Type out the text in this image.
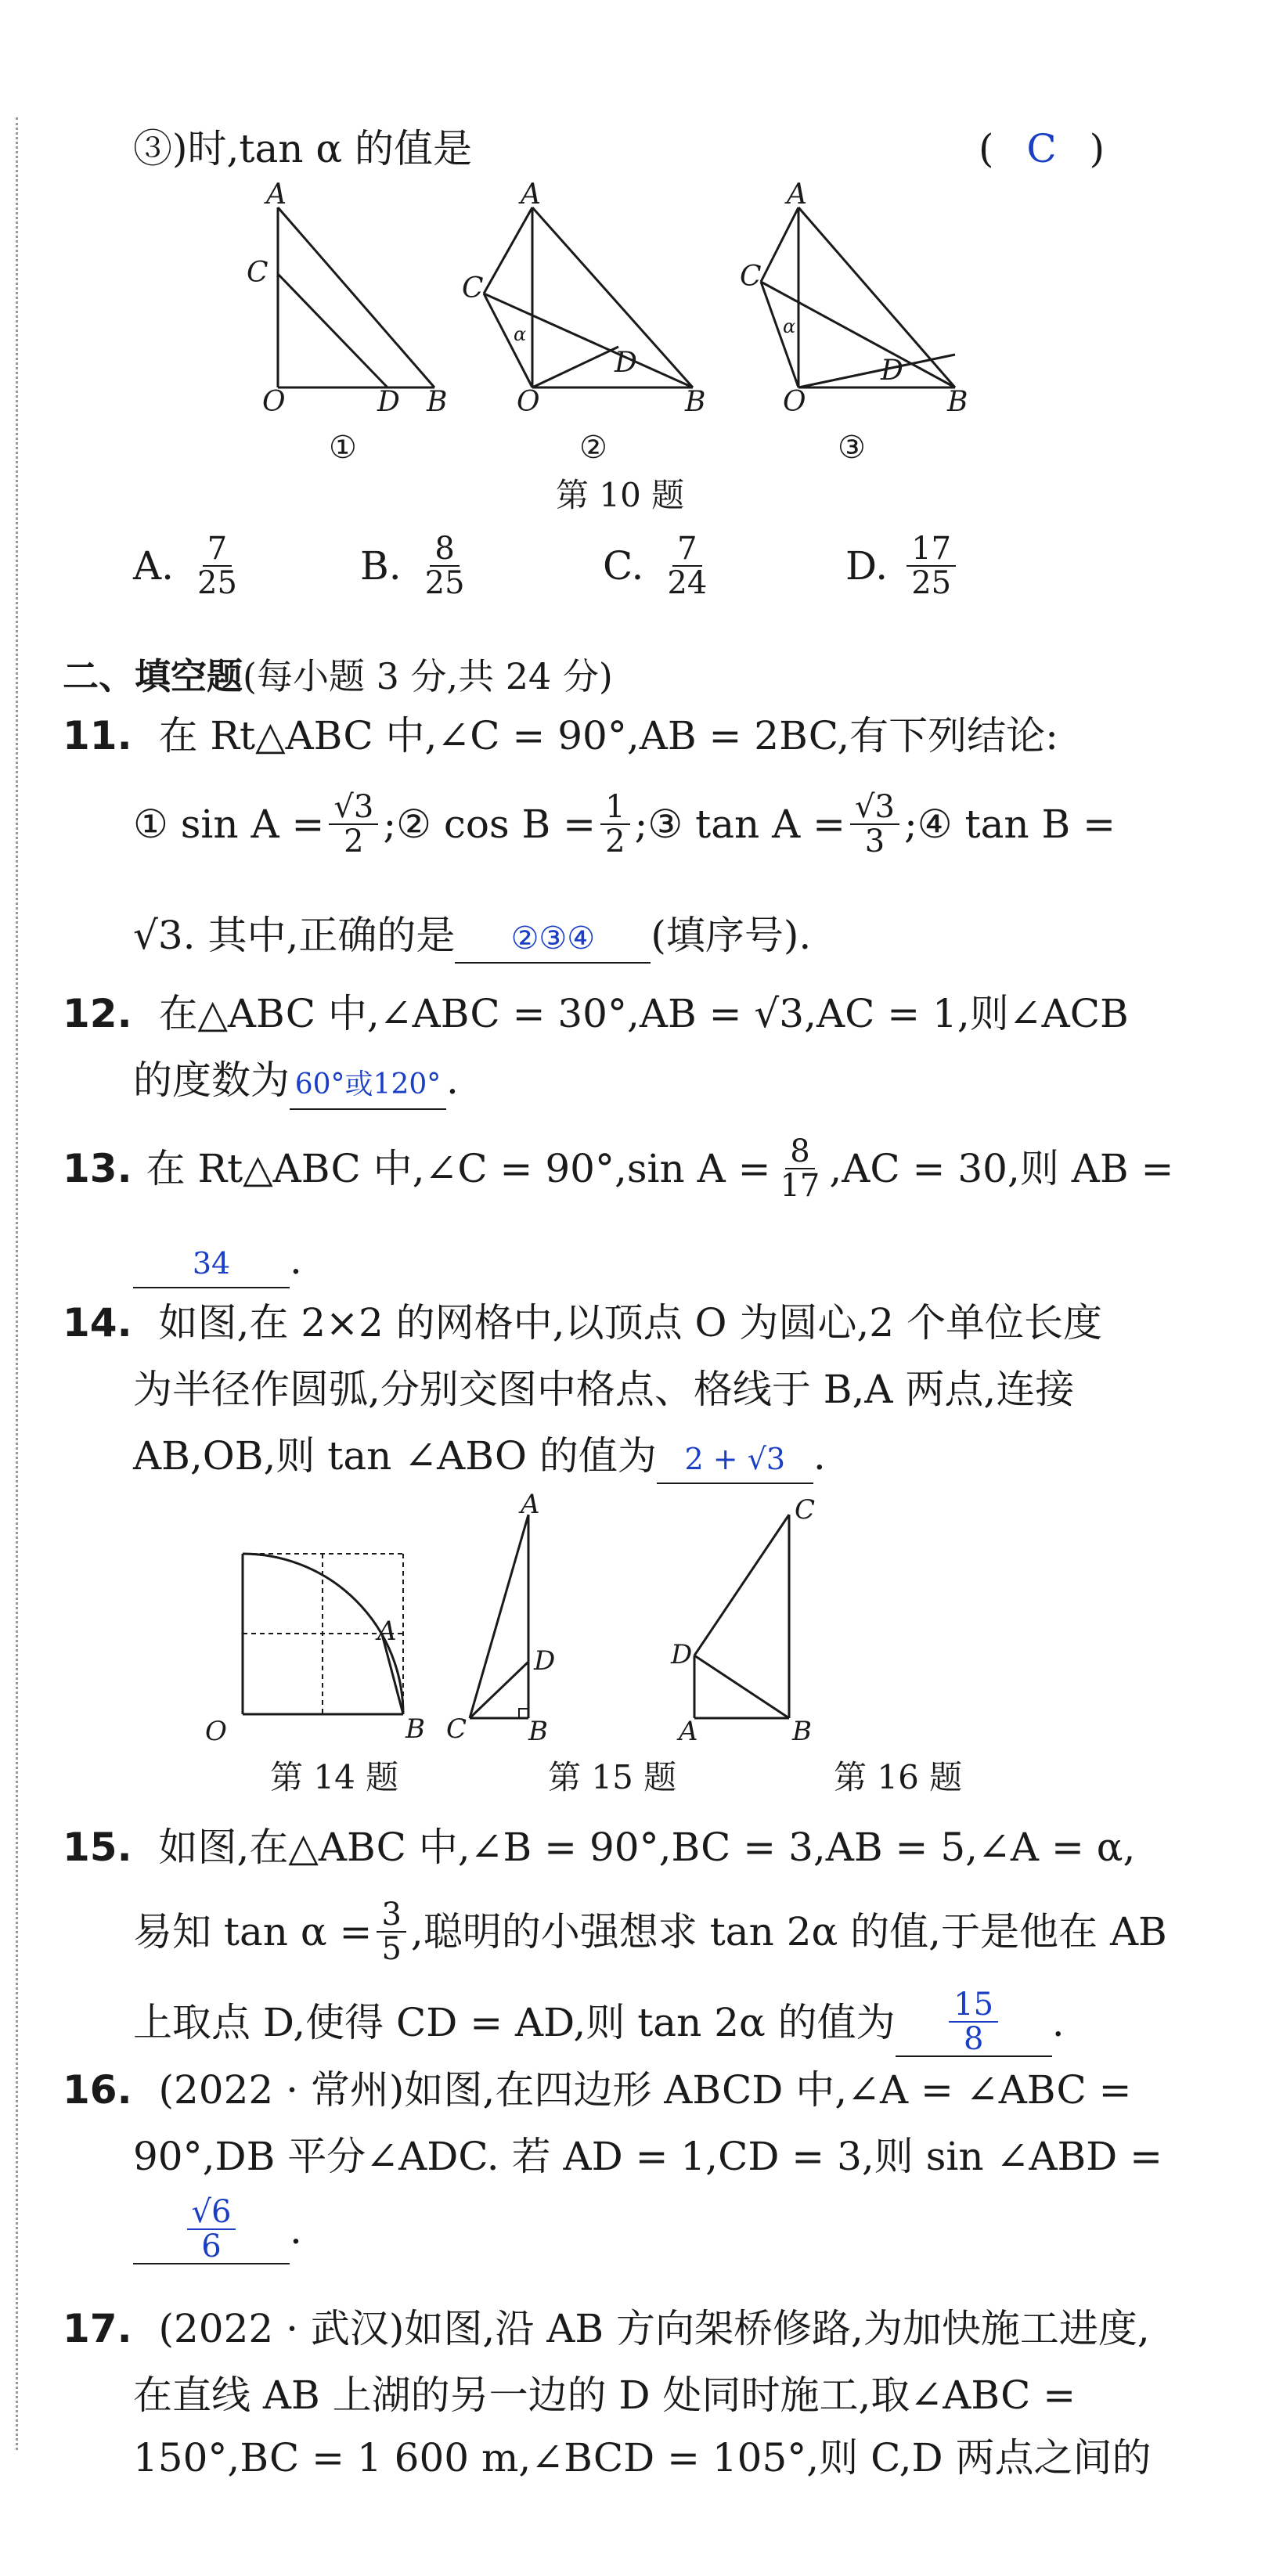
③)时,tan α 的值是	( C )
A
C
O	D B
A
C
O
D
B
α
A
C
O
D
B
α
①	②	③
第 10 题
A. $\frac{7}{25}$	B. $\frac{8}{25}$	C. $\frac{7}{24}$	D. $\frac{17}{25}$
二、填空题(每小题 3 分,共 24 分)
11. 在 Rt△ABC 中,∠C = 90°,AB = 2BC,有下列结论:
① $\sin A = \frac{√3}{2}$ ;② $\cos B = \frac{1}{2}$ ;③ $\tan A = \frac{√3}{3}$ ;④ tan B =
√3. 其中,正确的是 ②③④ (填序号).
12. 在△ABC 中,∠ABC = 30°,AB = √3,AC = 1,则∠ACB
的度数为 60°或120° .
13. 在 Rt△ABC 中,∠C = 90°,sin $A = \frac{8}{17} ,AC = 30$,则 AB =
34 .
14. 如图,在 2×2 的网格中,以顶点 O 为圆心,2 个单位长度
为半径作圆弧,分别交图中格点、格线于 B,A 两点,连接
AB,OB,则 tan ∠ABO 的值为 2 + √3 .
O
A
B
A
C
D
B
C
D
A	B
第 14 题	第 15 题	第 16 题
15. 如图,在△ABC 中,∠B = 90°,BC = 3,AB = 5,∠A = α,
易知 $\tan \alpha = \frac{3}{5}$ ,聪明的小强想求 tan 2α 的值,于是他在 AB
上取点 D,使得 CD = AD,则 tan 2α 的值为 $\frac{15}{8}$ .
16. (2022 · 常州)如图,在四边形 ABCD 中,∠A = ∠ABC =
90°,DB 平分∠ADC. 若 AD = 1,CD = 3,则 sin ∠ABD =
$\frac{√6}{6}$ .
17. (2022 · 武汉)如图,沿 AB 方向架桥修路,为加快施工进度,
在直线 AB 上湖的另一边的 D 处同时施工,取∠ABC =
150°,BC = 1 600 m,∠BCD = 105°,则 C,D 两点之间的
